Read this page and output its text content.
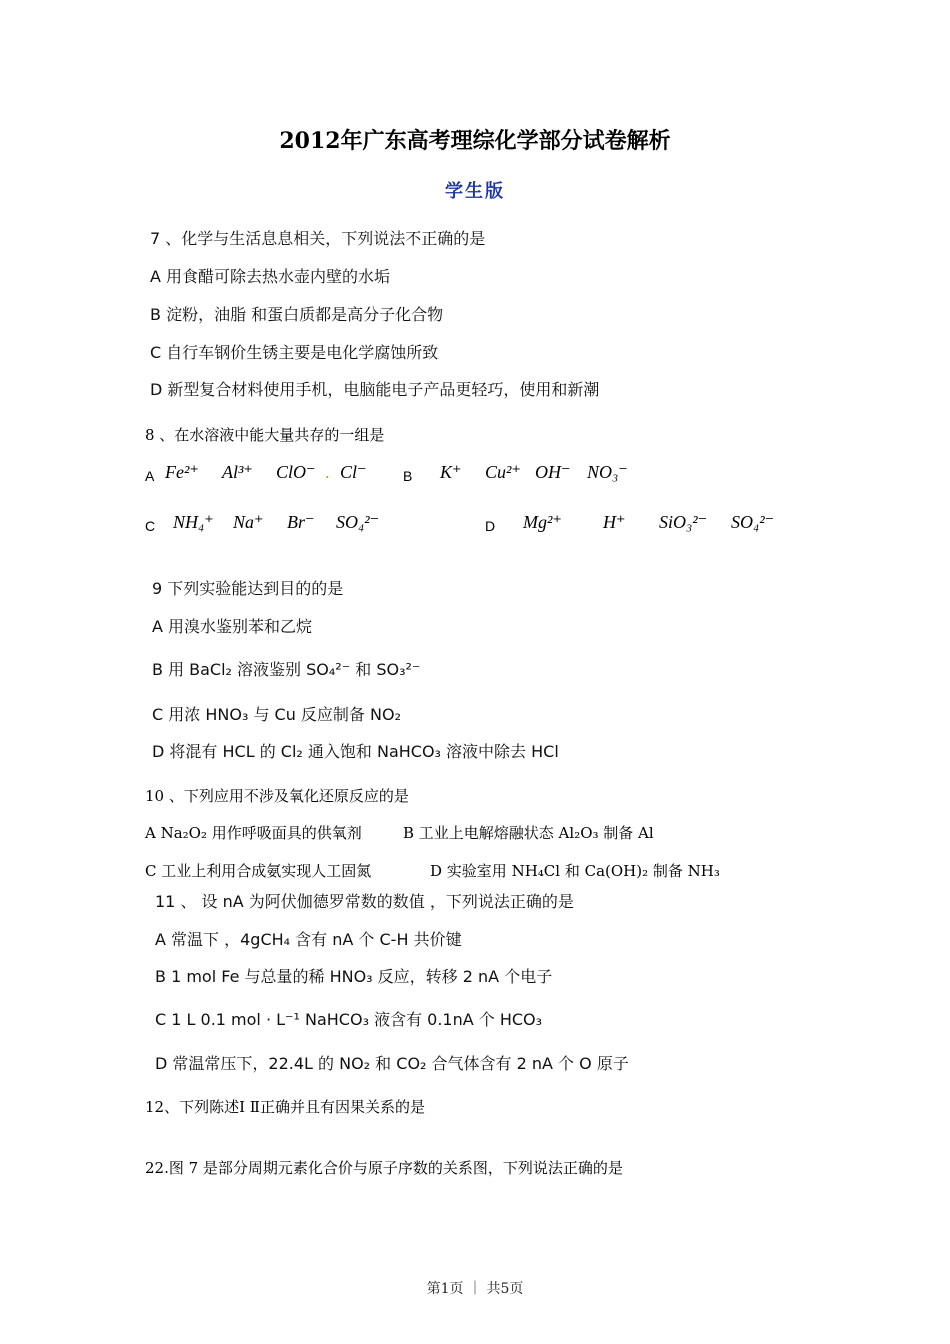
2012年广东高考理综化学部分试卷解析
学生版
7 、化学与生活息息相关，下列说法不正确的是
A 用食醋可除去热水壶内壁的水垢
B 淀粉，油脂 和蛋白质都是高分子化合物
C 自行车钢价生锈主要是电化学腐蚀所致
D 新型复合材料使用手机，电脑能电子产品更轻巧，使用和新潮
8 、在水溶液中能大量共存的一组是
A Fe²⁺ Al³⁺ ClO⁻ . Cl⁻	B K⁺ Cu²⁺ OH⁻ NO₃⁻
C NH₄⁺ Na⁺ Br⁻ SO₄²⁻	D Mg²⁺ H⁺ SiO₃²⁻ SO₄²⁻
9 下列实验能达到目的的是
A 用溴水鉴别苯和乙烷
B 用 BaCl₂ 溶液鉴别 SO₄²⁻ 和 SO₃²⁻
C 用浓 HNO₃ 与 Cu 反应制备 NO₂
D 将混有 HCL 的 Cl₂ 通入饱和 NaHCO₃ 溶液中除去 HCl
10 、下列应用不涉及氧化还原反应的是
A Na₂O₂ 用作呼吸面具的供氧剂	B 工业上电解熔融状态 Al₂O₃ 制备 Al
C 工业上利用合成氨实现人工固氮	D 实验室用 NH₄Cl 和 Ca(OH)₂ 制备 NH₃
11 、 设 nA 为阿伏伽德罗常数的数值 ，下列说法正确的是
A 常温下 ，4gCH₄ 含有 nA 个 C-H 共价键
B 1 mol Fe 与总量的稀 HNO₃ 反应，转移 2 nA 个电子
C 1 L 0.1 mol · L⁻¹ NaHCO₃ 液含有 0.1nA 个 HCO₃
D 常温常压下，22.4L 的 NO₂ 和 CO₂ 合气体含有 2 nA 个 O 原子
12、下列陈述Ⅰ Ⅱ正确并且有因果关系的是
22.图 7 是部分周期元素化合价与原子序数的关系图，下列说法正确的是
第1页 ｜ 共5页
